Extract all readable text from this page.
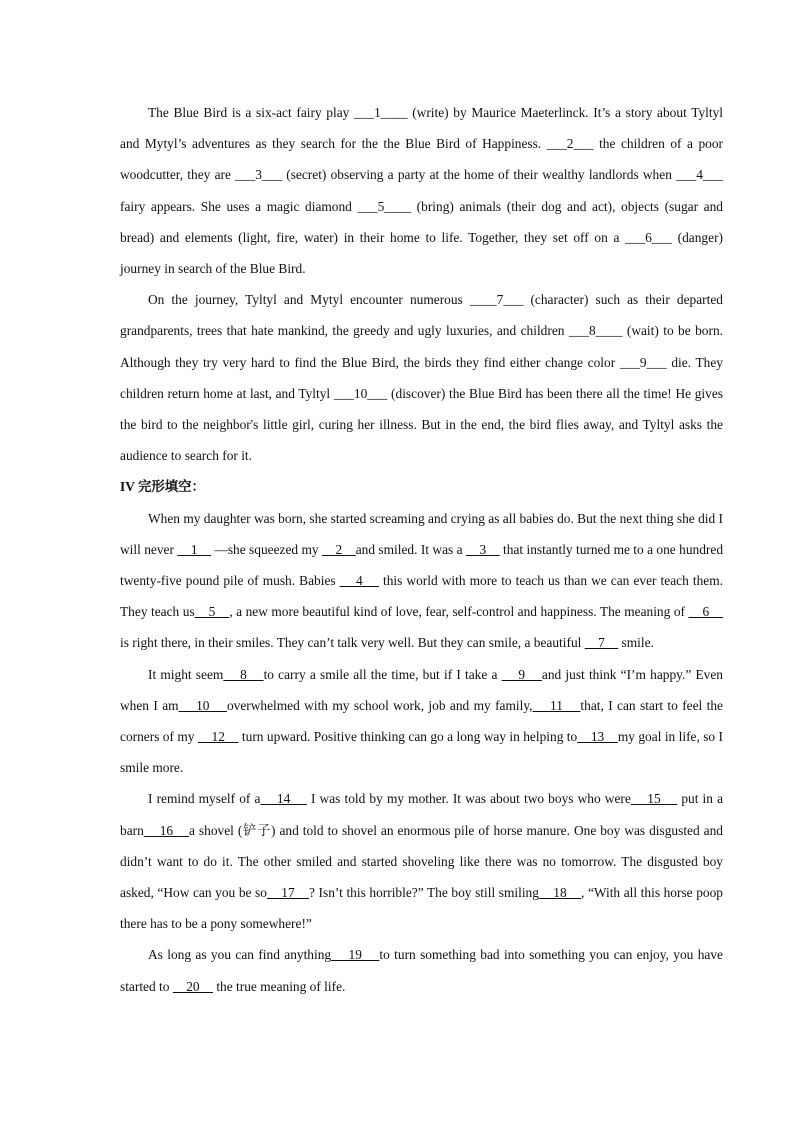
The Blue Bird is a six-act fairy play ___1____ (write) by Maurice Maeterlinck. It’s a story about Tyltyl and Mytyl’s adventures as they search for the the Blue Bird of Happiness. ___2___ the children of a poor woodcutter, they are ___3___ (secret) observing a party at the home of their wealthy landlords when ___4___ fairy appears. She uses a magic diamond ___5____ (bring) animals (their dog and act), objects (sugar and bread) and elements (light, fire, water) in their home to life. Together, they set off on a ___6___ (danger) journey in search of the Blue Bird.

On the journey, Tyltyl and Mytyl encounter numerous ____7___ (character) such as their departed grandparents, trees that hate mankind, the greedy and ugly luxuries, and children ___8____ (wait) to be born. Although they try very hard to find the Blue Bird, the birds they find either change color ___9___ die. They children return home at last, and Tyltyl ___10___ (discover) the Blue Bird has been there all the time! He gives the bird to the neighbor's little girl, curing her illness. But in the end, the bird flies away, and Tyltyl asks the audience to search for it.

IV 完形填空：

When my daughter was born, she started screaming and crying as all babies do. But the next thing she did I will never     1     —she squeezed my     2    and smiled. It was a     3     that instantly turned me to a one hundred twenty-five pound pile of mush. Babies     4     this world with more to teach us than we can ever teach them. They teach us    5    , a new more beautiful kind of love, fear, self-control and happiness. The meaning of     6     is right there, in their smiles. They can’t talk very well. But they can smile, a beautiful     7     smile.

It might seem    8    to carry a smile all the time, but if I take a     9    and just think “I’m happy.” Even when I am    10    overwhelmed with my school work, job and my family,    11    that, I can start to feel the corners of my     12     turn upward. Positive thinking can go a long way in helping to    13    my goal in life, so I smile more.

I remind myself of a    14     I was told by my mother. It was about two boys who were    15     put in a barn    16    a shovel (铲子) and told to shovel an enormous pile of horse manure. One boy was disgusted and didn’t want to do it. The other smiled and started shoveling like there was no tomorrow. The disgusted boy asked, “How can you be so    17    ? Isn’t this horrible?” The boy still smiling    18    , “With all this horse poop there has to be a pony somewhere!”

As long as you can find anything    19    to turn something bad into something you can enjoy, you have started to     20     the true meaning of life.
